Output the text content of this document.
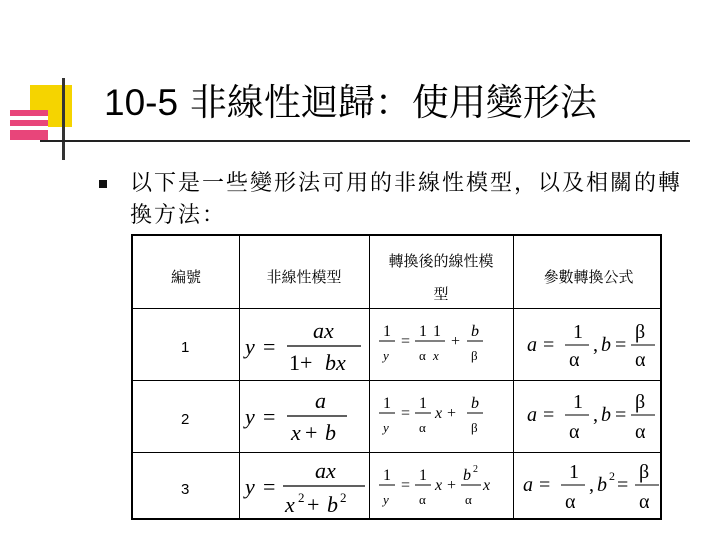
10-5 非線性迴歸：使用變形法
以下是一些變形法可用的非線性模型，以及相關的轉換方法：
編號	非線性模型
轉換後的線性模
型
參數轉換公式
1
2
3
y =
ax
1+ bx
1
y
=
1
α
1
x
+
b
β a =
1
α
, b =
β
α
y =
a
x + b
1
y
=
1
α
x +
b
β
a =
1
α
, b =
β
α
y =
ax
x 2 + b 2
1
y
=
1
α
x +
b 2
α
x a =
1
α
, b 2 =
β
α
